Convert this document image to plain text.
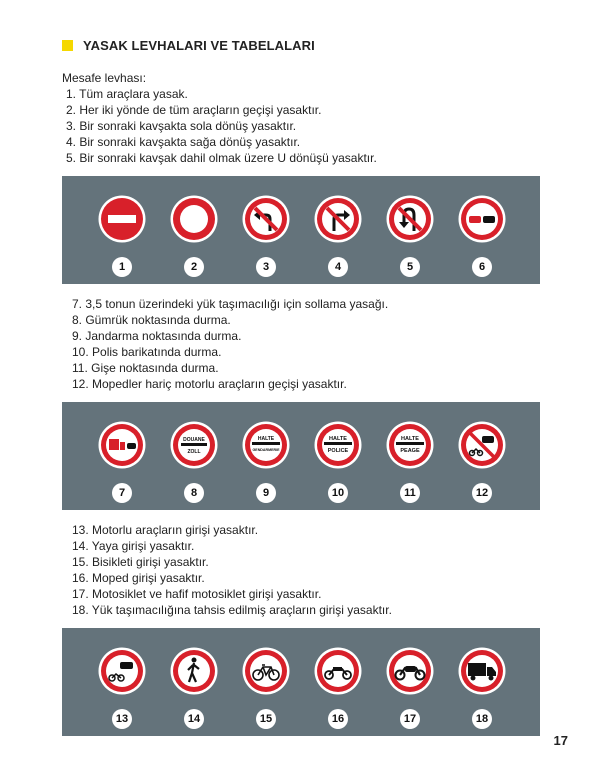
YASAK LEVHALARI VE TABELALARI
Mesafe levhası:
1. Tüm araçlara yasak.
2. Her iki yönde de tüm araçların geçişi yasaktır.
3. Bir sonraki kavşakta sola dönüş yasaktır.
4. Bir sonraki kavşakta sağa dönüş yasaktır.
5. Bir sonraki kavşak dahil olmak üzere U dönüşü yasaktır.
1	2	3	4	5	6
7. 3,5 tonun üzerindeki yük taşımacılığı için sollama yasağı.
8. Gümrük noktasında durma.
9. Jandarma noktasında durma.
10. Polis barikatında durma.
11. Gişe noktasında durma.
12. Mopedler hariç motorlu araçların geçişi yasaktır.
DOUANE
ZOLL
HALTE
GENDARMERIE
HALTE
POLICE
HALTE
PEAGE
7	8	9	10	11	12
13. Motorlu araçların girişi yasaktır.
14. Yaya girişi yasaktır.
15. Bisikleti girişi yasaktır.
16. Moped girişi yasaktır.
17. Motosiklet ve hafif motosiklet girişi yasaktır.
18. Yük taşımacılığına tahsis edilmiş araçların girişi yasaktır.
13	14	15	16	17	18
17
